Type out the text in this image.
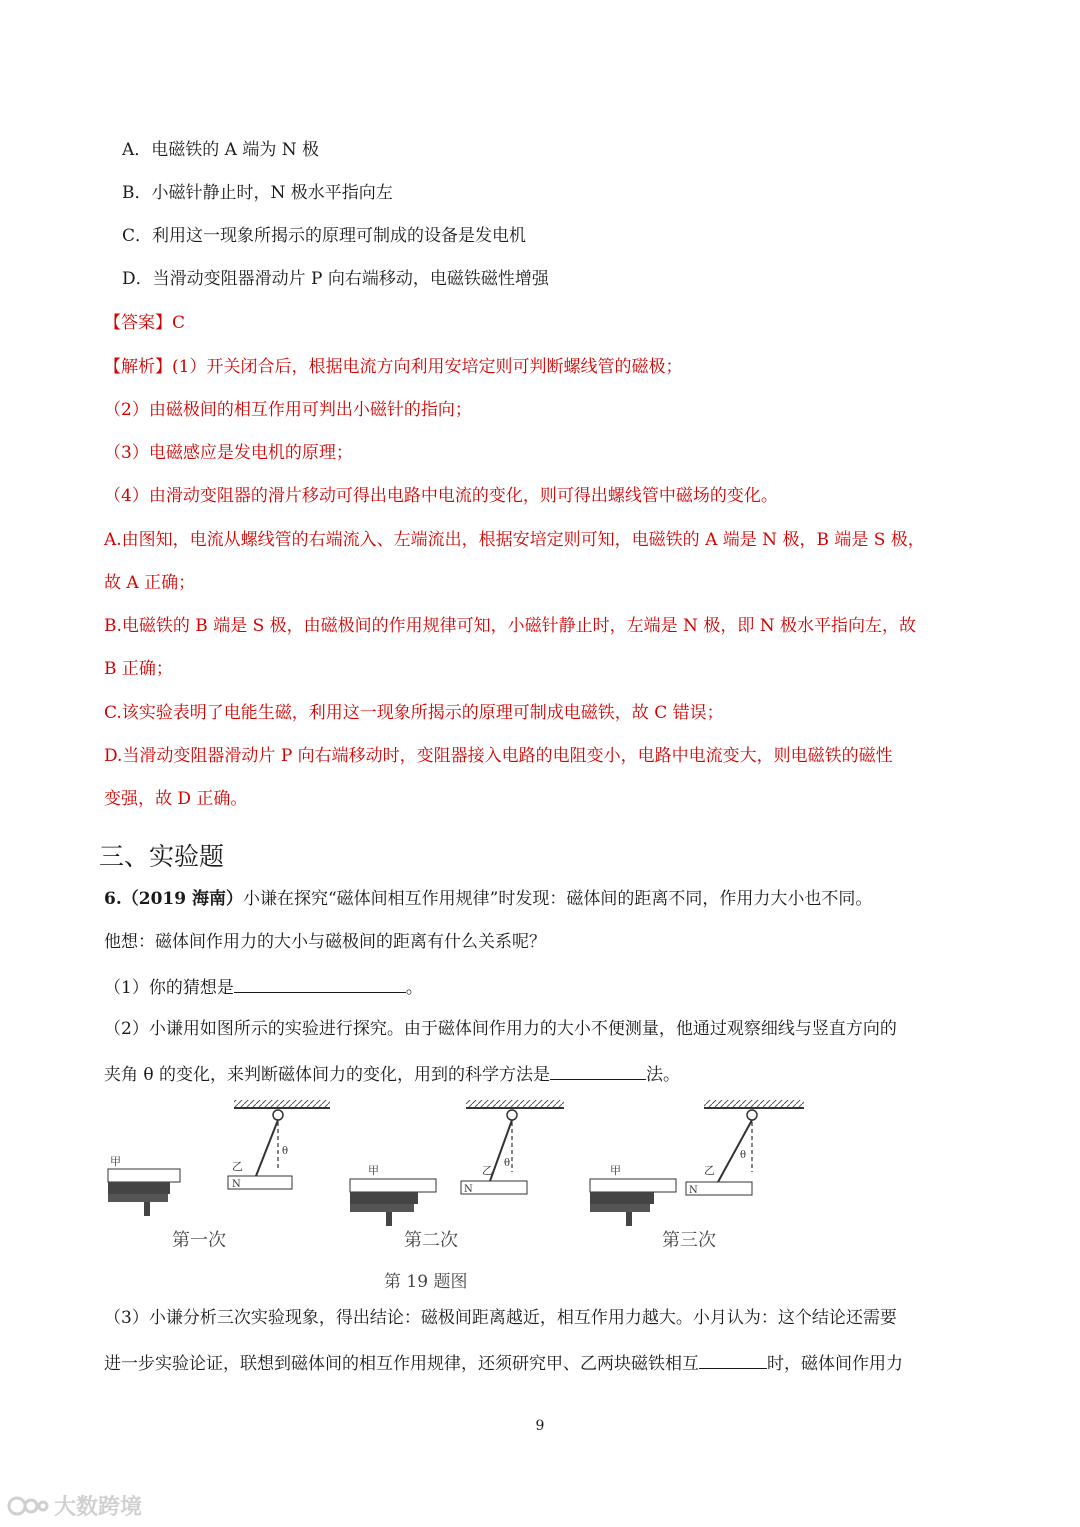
A．电磁铁的 A 端为 N 极
B．小磁针静止时，N 极水平指向左
C．利用这一现象所揭示的原理可制成的设备是发电机
D．当滑动变阻器滑动片 P 向右端移动，电磁铁磁性增强
【答案】C
【解析】(1）开关闭合后，根据电流方向利用安培定则可判断螺线管的磁极；
（2）由磁极间的相互作用可判出小磁针的指向；
（3）电磁感应是发电机的原理；
（4）由滑动变阻器的滑片移动可得出电路中电流的变化，则可得出螺线管中磁场的变化。
A.由图知，电流从螺线管的右端流入、左端流出，根据安培定则可知，电磁铁的 A 端是 N 极，B 端是 S 极，
故 A 正确；
B.电磁铁的 B 端是 S 极，由磁极间的作用规律可知，小磁针静止时，左端是 N 极，即 N 极水平指向左，故
B 正确；
C.该实验表明了电能生磁，利用这一现象所揭示的原理可制成电磁铁，故 C 错误；
D.当滑动变阻器滑动片 P 向右端移动时，变阻器接入电路的电阻变小，电路中电流变大，则电磁铁的磁性
变强，故 D 正确。
三、实验题
6.（2019 海南）小谦在探究“磁体间相互作用规律”时发现：磁体间的距离不同，作用力大小也不同。
他想：磁体间作用力的大小与磁极间的距离有什么关系呢？
（1）你的猜想是	。
（2）小谦用如图所示的实验进行探究。由于磁体间作用力的大小不便测量，他通过观察细线与竖直方向的
夹角 θ 的变化，来判断磁体间力的变化，用到的科学方法是	法。
甲	乙
N
θ
第一次
甲	乙
N
θ
第二次
甲	乙
N
θ
第三次
第 19 题图
（3）小谦分析三次实验现象，得出结论：磁极间距离越近，相互作用力越大。小月认为：这个结论还需要
进一步实验论证，联想到磁体间的相互作用规律，还须研究甲、乙两块磁铁相互	时，磁体间作用力
9
大数跨境
